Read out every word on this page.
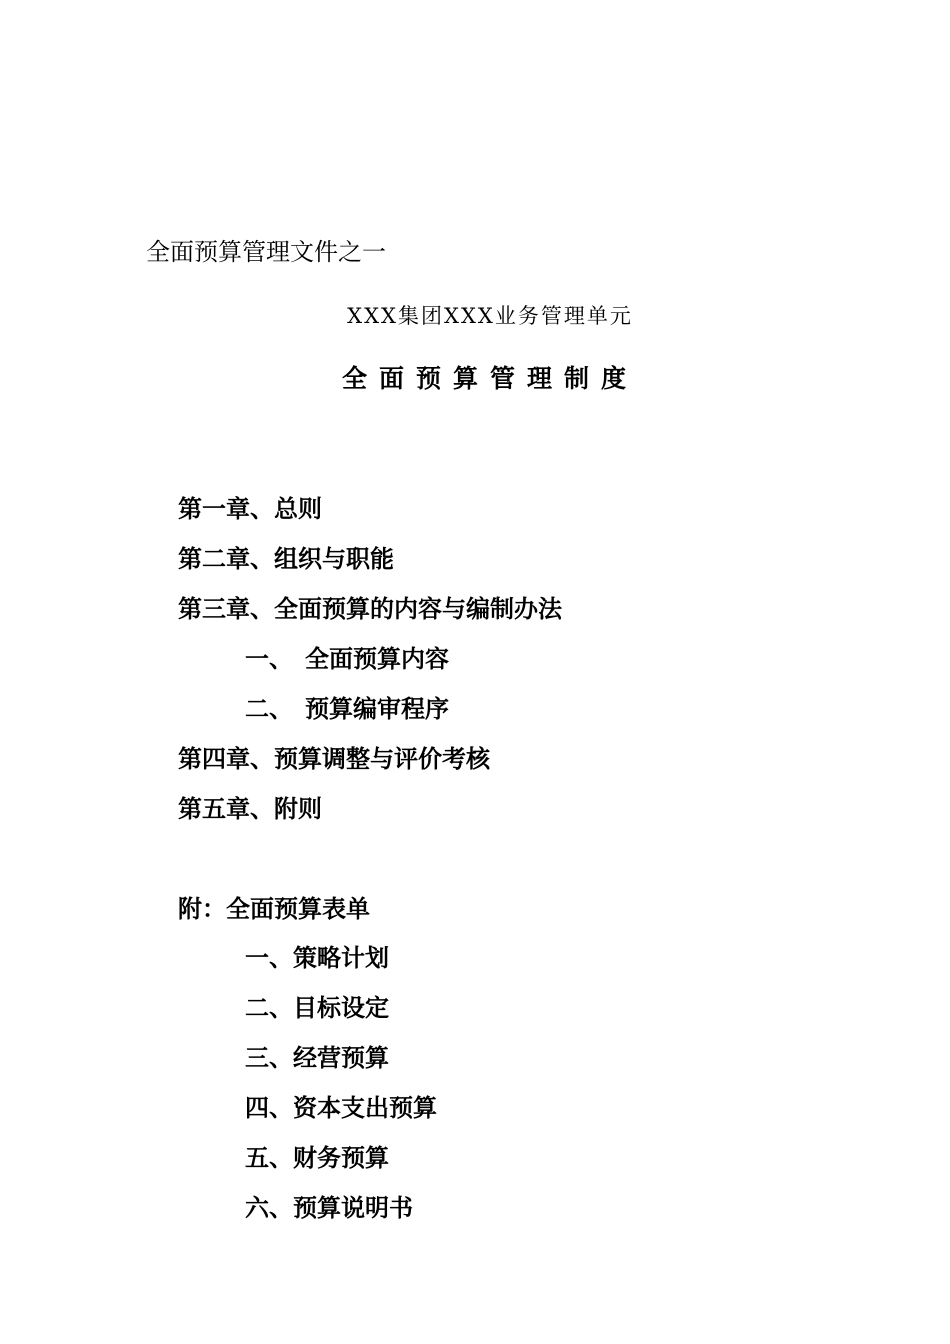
全面预算管理文件之一
XXX集团XXX业务管理单元
全面预算管理制度
第一章、总则
第二章、组织与职能
第三章、全面预算的内容与编制办法
一、 全面预算内容
二、 预算编审程序
第四章、预算调整与评价考核
第五章、附则
附：全面预算表单
一、策略计划
二、目标设定
三、经营预算
四、资本支出预算
五、财务预算
六、预算说明书
